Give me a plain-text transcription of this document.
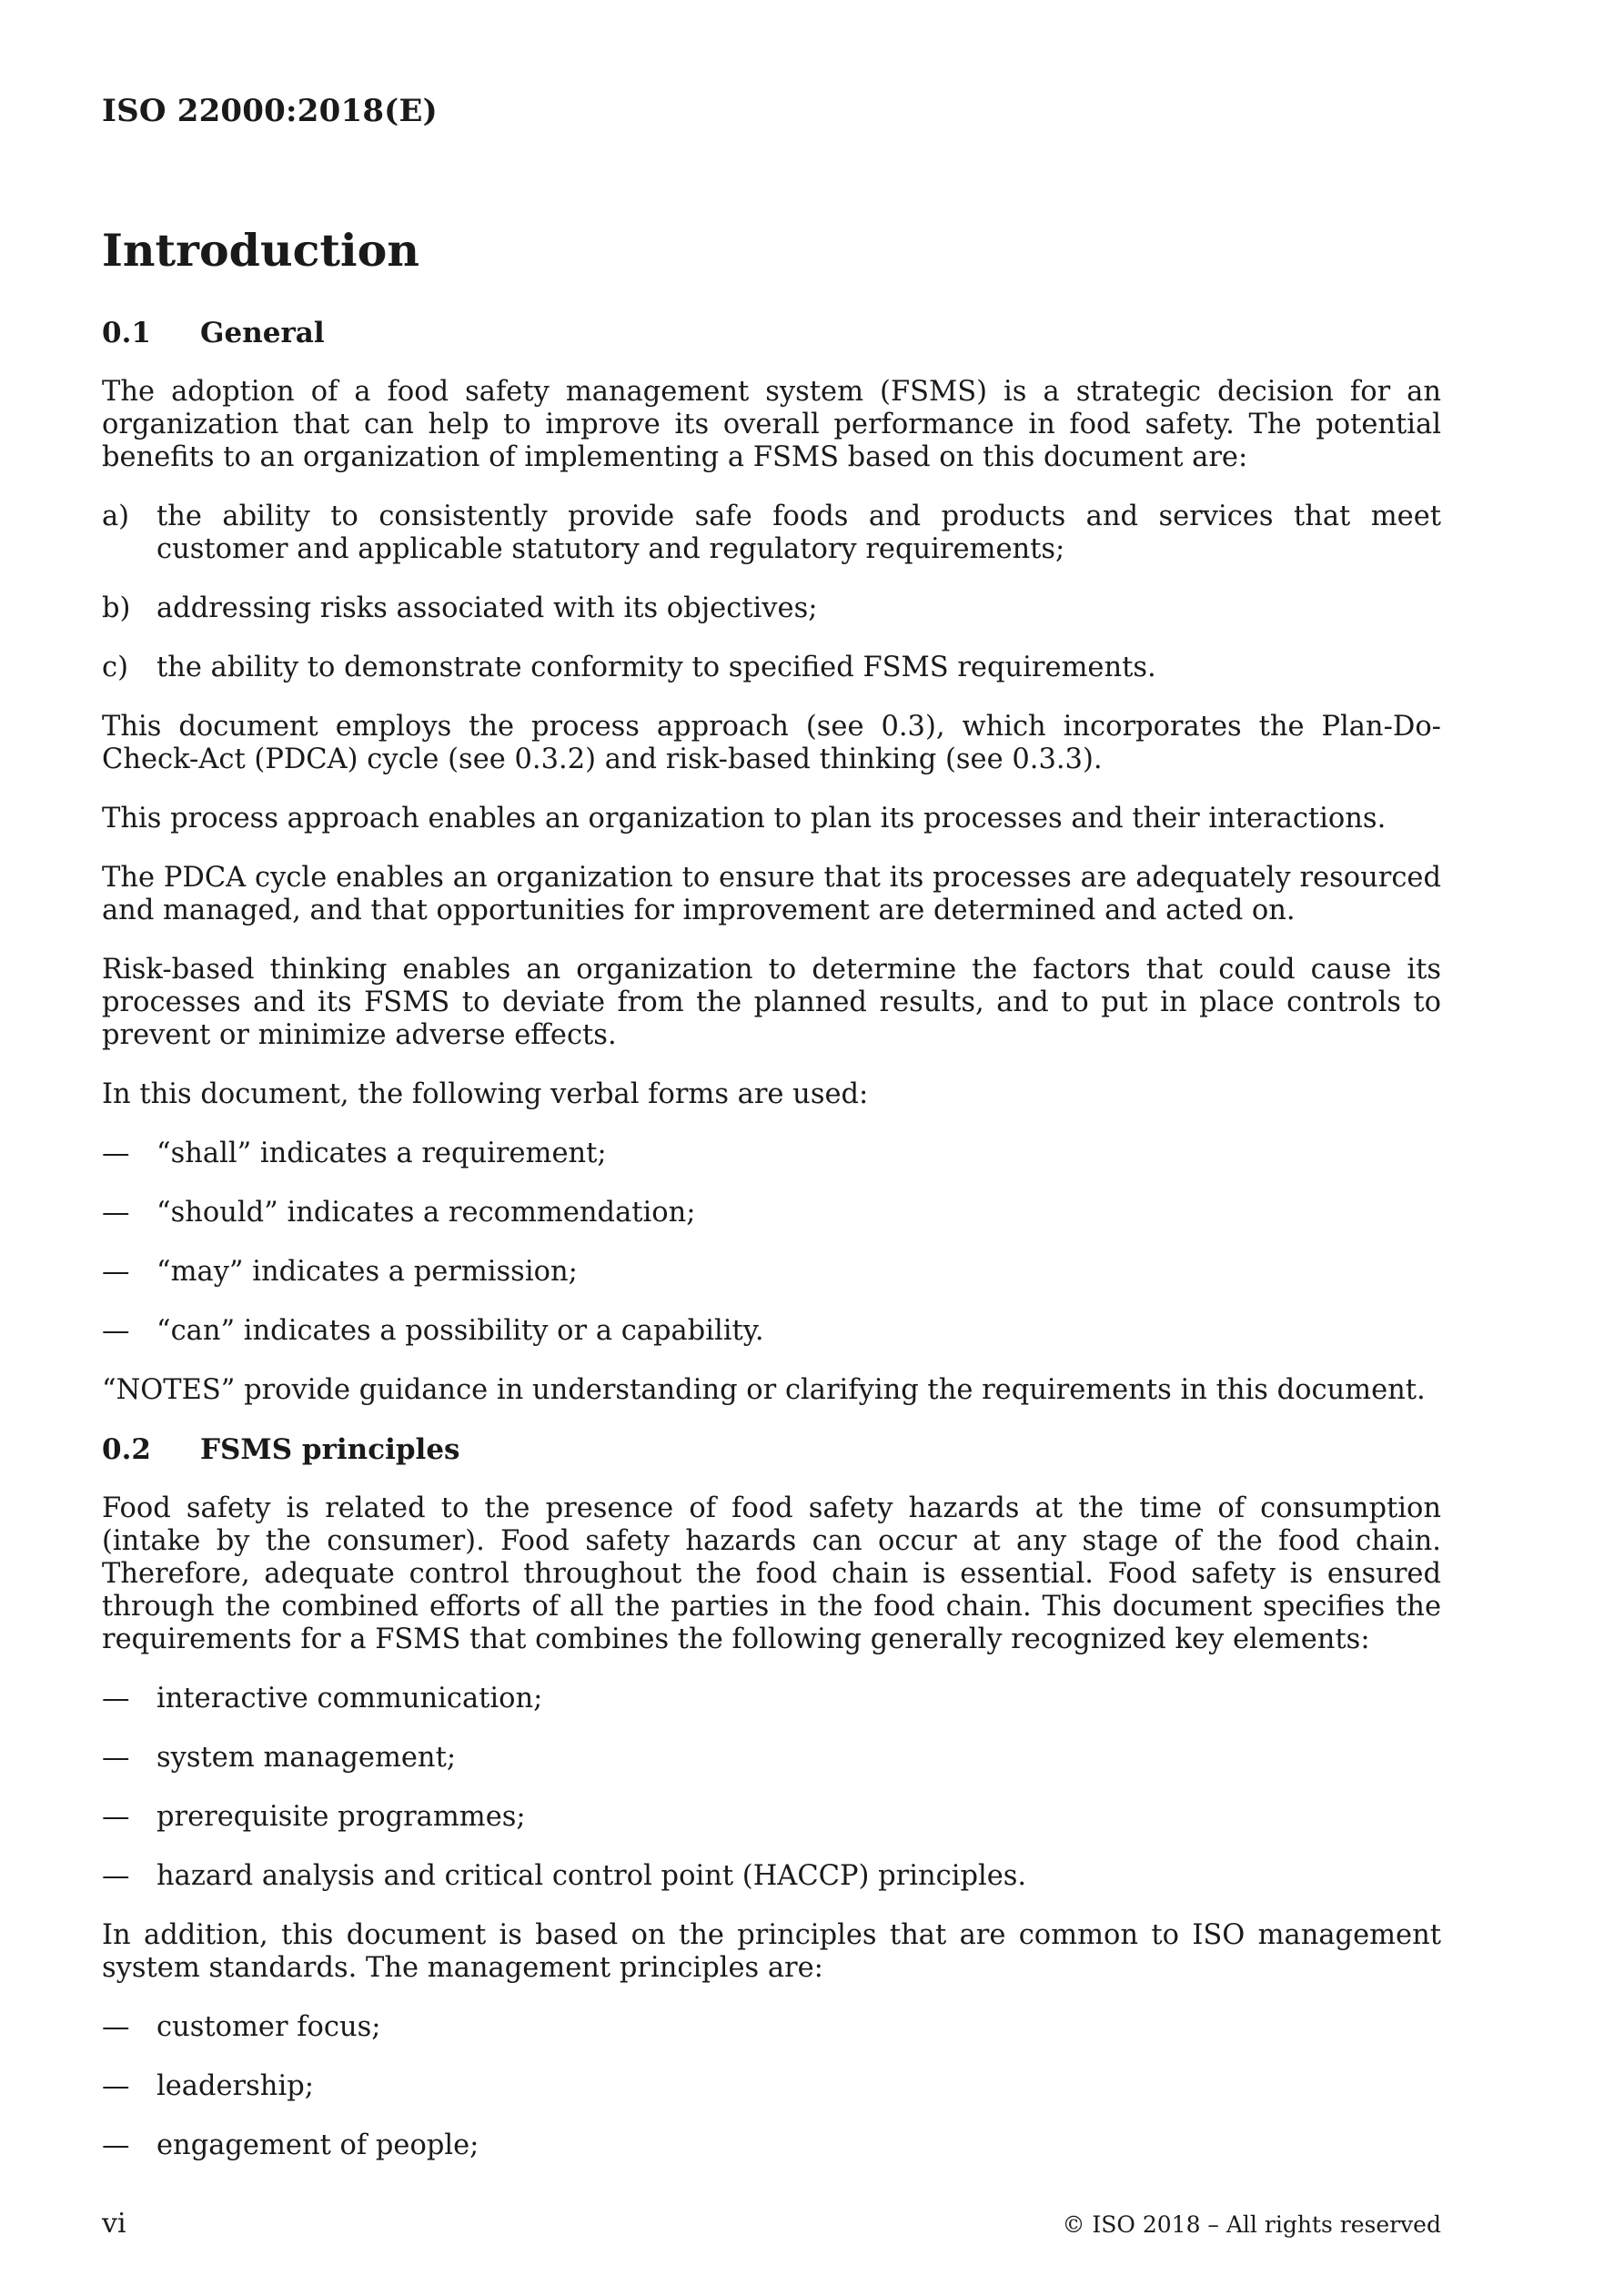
ISO 22000:2018(E)
Introduction
0.1 General
The adoption of a food safety management system (FSMS) is a strategic decision for an organization that can help to improve its overall performance in food safety. The potential benefits to an organization of implementing a FSMS based on this document are:
a) the ability to consistently provide safe foods and products and services that meet customer and applicable statutory and regulatory requirements;
b) addressing risks associated with its objectives;
c) the ability to demonstrate conformity to specified FSMS requirements.
This document employs the process approach (see 0.3), which incorporates the Plan-Do-Check-Act (PDCA) cycle (see 0.3.2) and risk-based thinking (see 0.3.3).
This process approach enables an organization to plan its processes and their interactions.
The PDCA cycle enables an organization to ensure that its processes are adequately resourced and managed, and that opportunities for improvement are determined and acted on.
Risk-based thinking enables an organization to determine the factors that could cause its processes and its FSMS to deviate from the planned results, and to put in place controls to prevent or minimize adverse effects.
In this document, the following verbal forms are used:
— “shall” indicates a requirement;
— “should” indicates a recommendation;
— “may” indicates a permission;
— “can” indicates a possibility or a capability.
“NOTES” provide guidance in understanding or clarifying the requirements in this document.
0.2 FSMS principles
Food safety is related to the presence of food safety hazards at the time of consumption (intake by the consumer). Food safety hazards can occur at any stage of the food chain. Therefore, adequate control throughout the food chain is essential. Food safety is ensured through the combined efforts of all the parties in the food chain. This document specifies the requirements for a FSMS that combines the following generally recognized key elements:
— interactive communication;
— system management;
— prerequisite programmes;
— hazard analysis and critical control point (HACCP) principles.
In addition, this document is based on the principles that are common to ISO management system standards. The management principles are:
— customer focus;
— leadership;
— engagement of people;
vi	© ISO 2018 – All rights reserved
